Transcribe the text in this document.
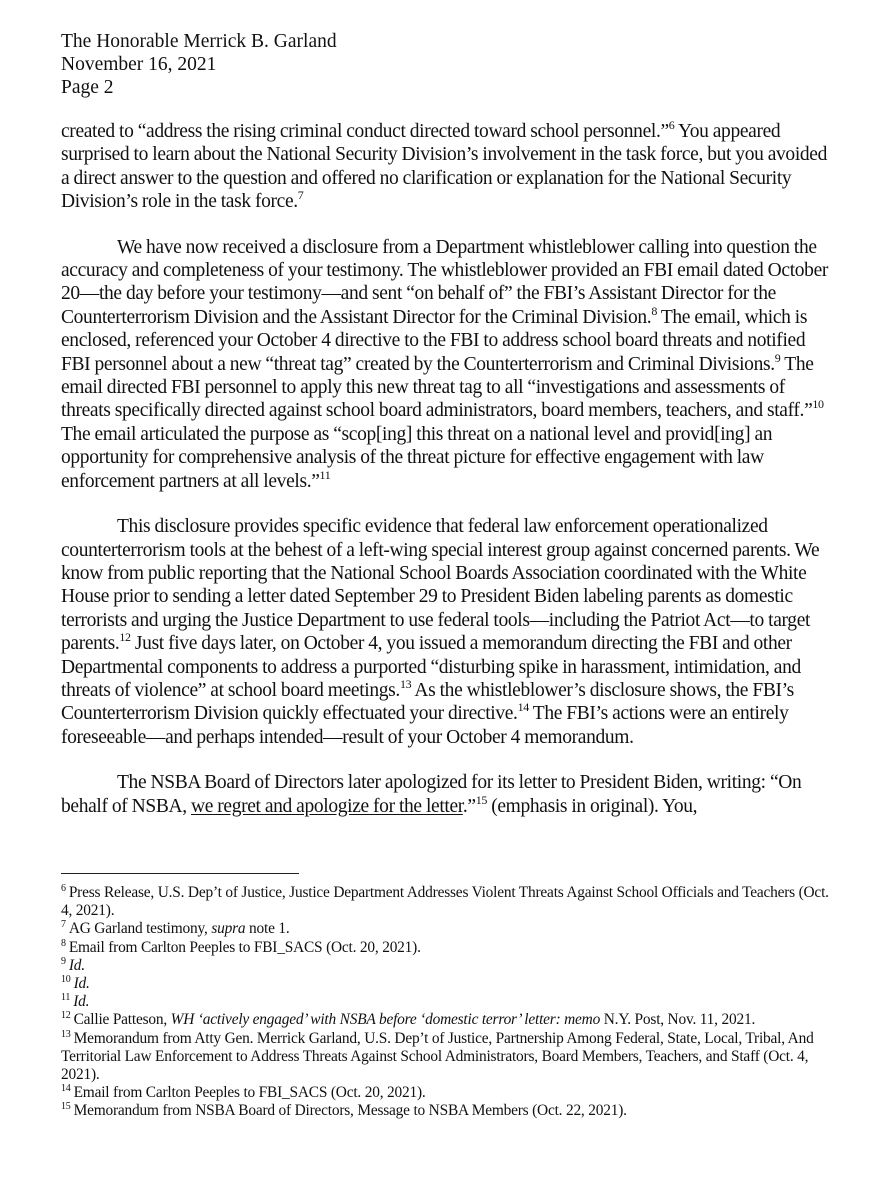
The Honorable Merrick B. Garland
November 16, 2021
Page 2

created to “address the rising criminal conduct directed toward school personnel.”$^6$ You appeared surprised to learn about the National Security Division’s involvement in the task force, but you avoided a direct answer to the question and offered no clarification or explanation for the National Security Division’s role in the task force.$^7$

We have now received a disclosure from a Department whistleblower calling into question the accuracy and completeness of your testimony. The whistleblower provided an FBI email dated October 20—the day before your testimony—and sent “on behalf of” the FBI’s Assistant Director for the Counterterrorism Division and the Assistant Director for the Criminal Division.$^8$ The email, which is enclosed, referenced your October 4 directive to the FBI to address school board threats and notified FBI personnel about a new “threat tag” created by the Counterterrorism and Criminal Divisions.$^9$ The email directed FBI personnel to apply this new threat tag to all “investigations and assessments of threats specifically directed against school board administrators, board members, teachers, and staff.”$^{10}$ The email articulated the purpose as “scop[ing] this threat on a national level and provid[ing] an opportunity for comprehensive analysis of the threat picture for effective engagement with law enforcement partners at all levels.”$^{11}$

This disclosure provides specific evidence that federal law enforcement operationalized counterterrorism tools at the behest of a left-wing special interest group against concerned parents. We know from public reporting that the National School Boards Association coordinated with the White House prior to sending a letter dated September 29 to President Biden labeling parents as domestic terrorists and urging the Justice Department to use federal tools—including the Patriot Act—to target parents.$^{12}$ Just five days later, on October 4, you issued a memorandum directing the FBI and other Departmental components to address a purported “disturbing spike in harassment, intimidation, and threats of violence” at school board meetings.$^{13}$ As the whistleblower’s disclosure shows, the FBI’s Counterterrorism Division quickly effectuated your directive.$^{14}$ The FBI’s actions were an entirely foreseeable—and perhaps intended—result of your October 4 memorandum.

The NSBA Board of Directors later apologized for its letter to President Biden, writing: “On behalf of NSBA, we regret and apologize for the letter.”$^{15}$ (emphasis in original). You,

$^6$ Press Release, U.S. Dep’t of Justice, Justice Department Addresses Violent Threats Against School Officials and Teachers (Oct. 4, 2021).
$^7$ AG Garland testimony, supra note 1.
$^8$ Email from Carlton Peeples to FBI_SACS (Oct. 20, 2021).
$^9$ Id.
$^{10}$ Id.
$^{11}$ Id.
$^{12}$ Callie Patteson, WH ‘actively engaged’ with NSBA before ‘domestic terror’ letter: memo N.Y. Post, Nov. 11, 2021.
$^{13}$ Memorandum from Atty Gen. Merrick Garland, U.S. Dep’t of Justice, Partnership Among Federal, State, Local, Tribal, And Territorial Law Enforcement to Address Threats Against School Administrators, Board Members, Teachers, and Staff (Oct. 4, 2021).
$^{14}$ Email from Carlton Peeples to FBI_SACS (Oct. 20, 2021).
$^{15}$ Memorandum from NSBA Board of Directors, Message to NSBA Members (Oct. 22, 2021).
